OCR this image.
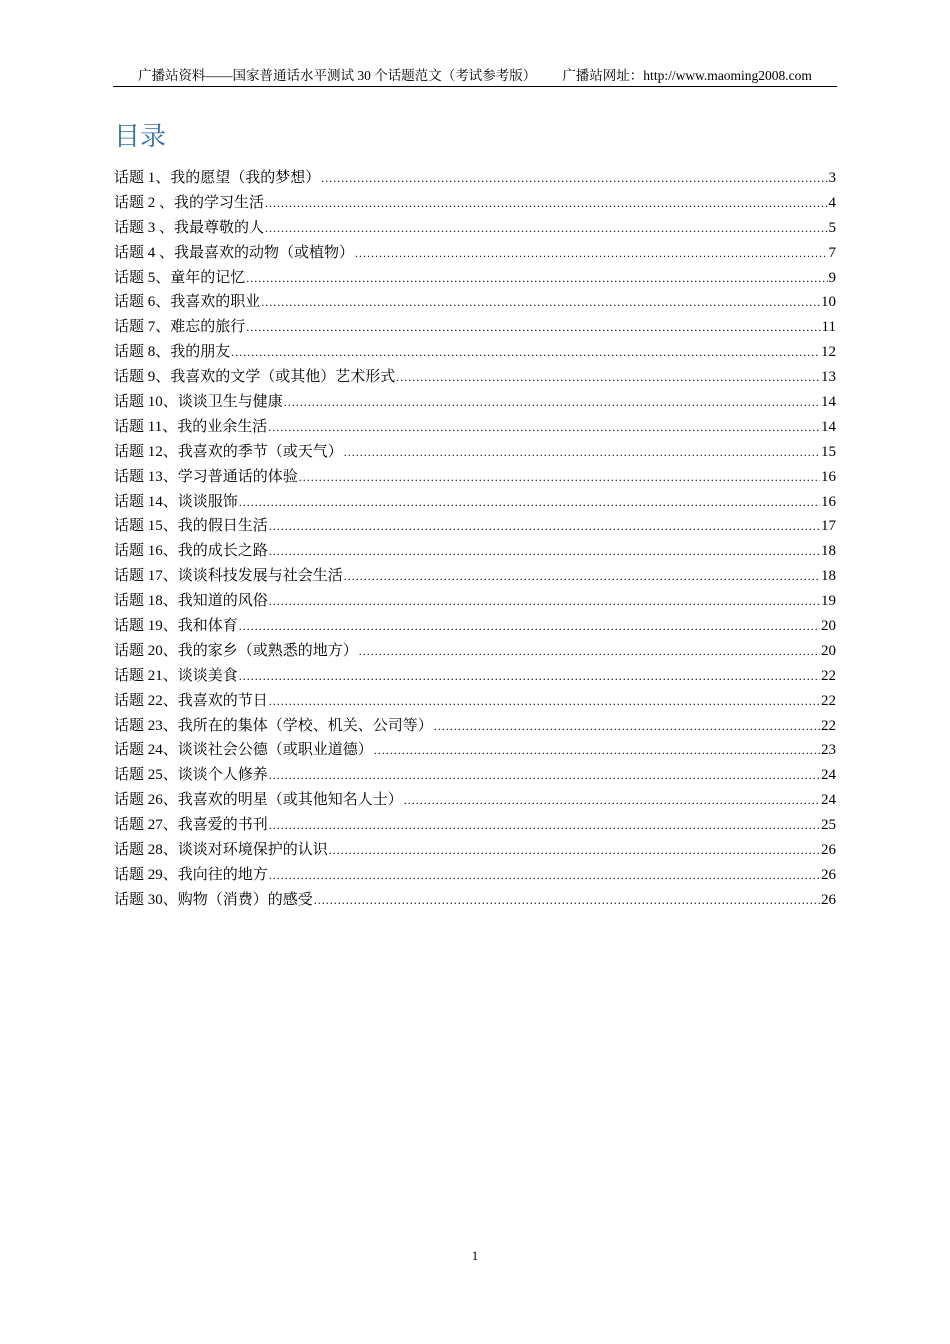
广播站资料——国家普通话水平测试 30 个话题范文（考试参考版） 广播站网址：http://www.maoming2008.com
目录
话题 1、我的愿望（我的梦想） .....	3
话题 2 、我的学习生活 .....	4
话题 3 、我最尊敬的人 .....	5
话题 4 、我最喜欢的动物（或植物） .....	7
话题 5、童年的记忆 .....	9
话题 6、我喜欢的职业 .....	10
话题 7、难忘的旅行 .....	11
话题 8、我的朋友 .....	12
话题 9、我喜欢的文学（或其他）艺术形式 .....	13
话题 10、谈谈卫生与健康 .....	14
话题 11、我的业余生活 .....	14
话题 12、我喜欢的季节（或天气） .....	15
话题 13、学习普通话的体验 .....	16
话题 14、谈谈服饰 .....	16
话题 15、我的假日生活 .....	17
话题 16、我的成长之路 .....	18
话题 17、谈谈科技发展与社会生活 .....	18
话题 18、我知道的风俗 .....	19
话题 19、我和体育 .....	20
话题 20、我的家乡（或熟悉的地方） .....	20
话题 21、谈谈美食 .....	22
话题 22、我喜欢的节日 .....	22
话题 23、我所在的集体（学校、机关、公司等） .....	22
话题 24、谈谈社会公德（或职业道德） .....	23
话题 25、谈谈个人修养 .....	24
话题 26、我喜欢的明星（或其他知名人士） .....	24
话题 27、我喜爱的书刊 .....	25
话题 28、谈谈对环境保护的认识 .....	26
话题 29、我向往的地方 .....	26
话题 30、购物（消费）的感受 .....	26
1
